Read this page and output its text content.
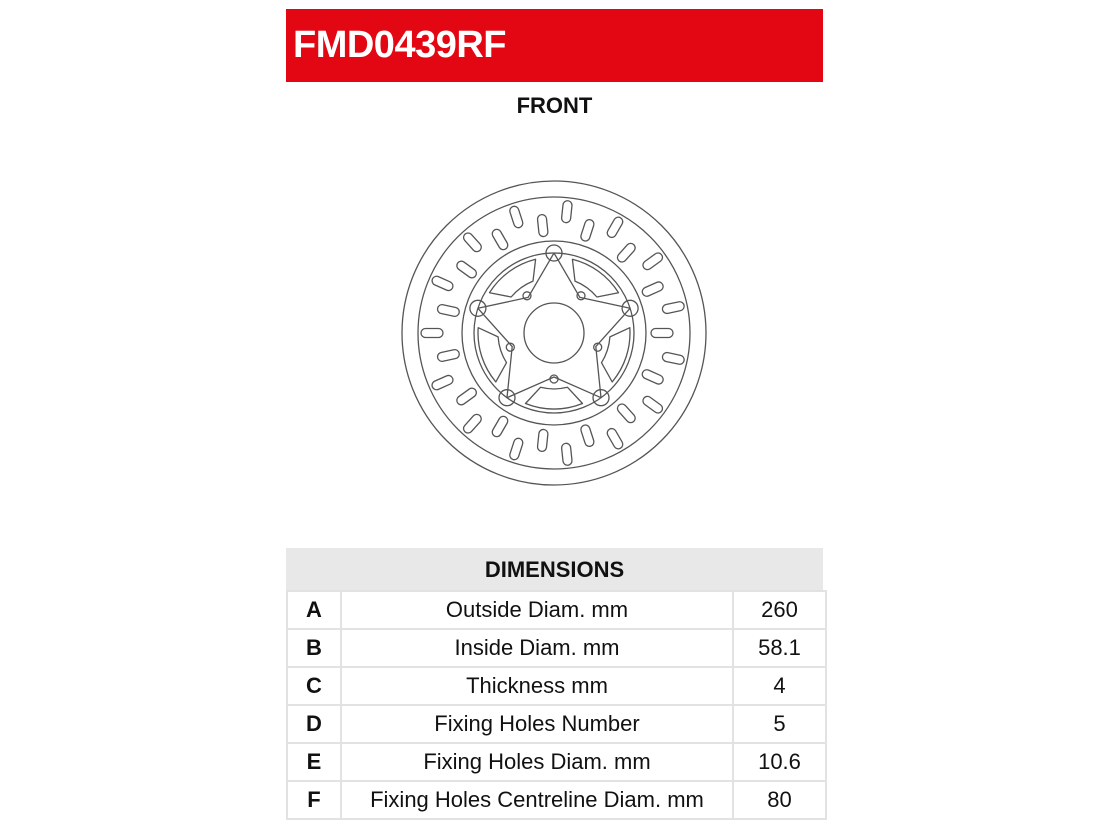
FMD0439RF
FRONT
DIMENSIONS
A	Outside Diam. mm	260
B	Inside Diam. mm	58.1
C	Thickness mm	4
D	Fixing Holes Number	5
E	Fixing Holes Diam. mm	10.6
F	Fixing Holes Centreline Diam. mm	80
